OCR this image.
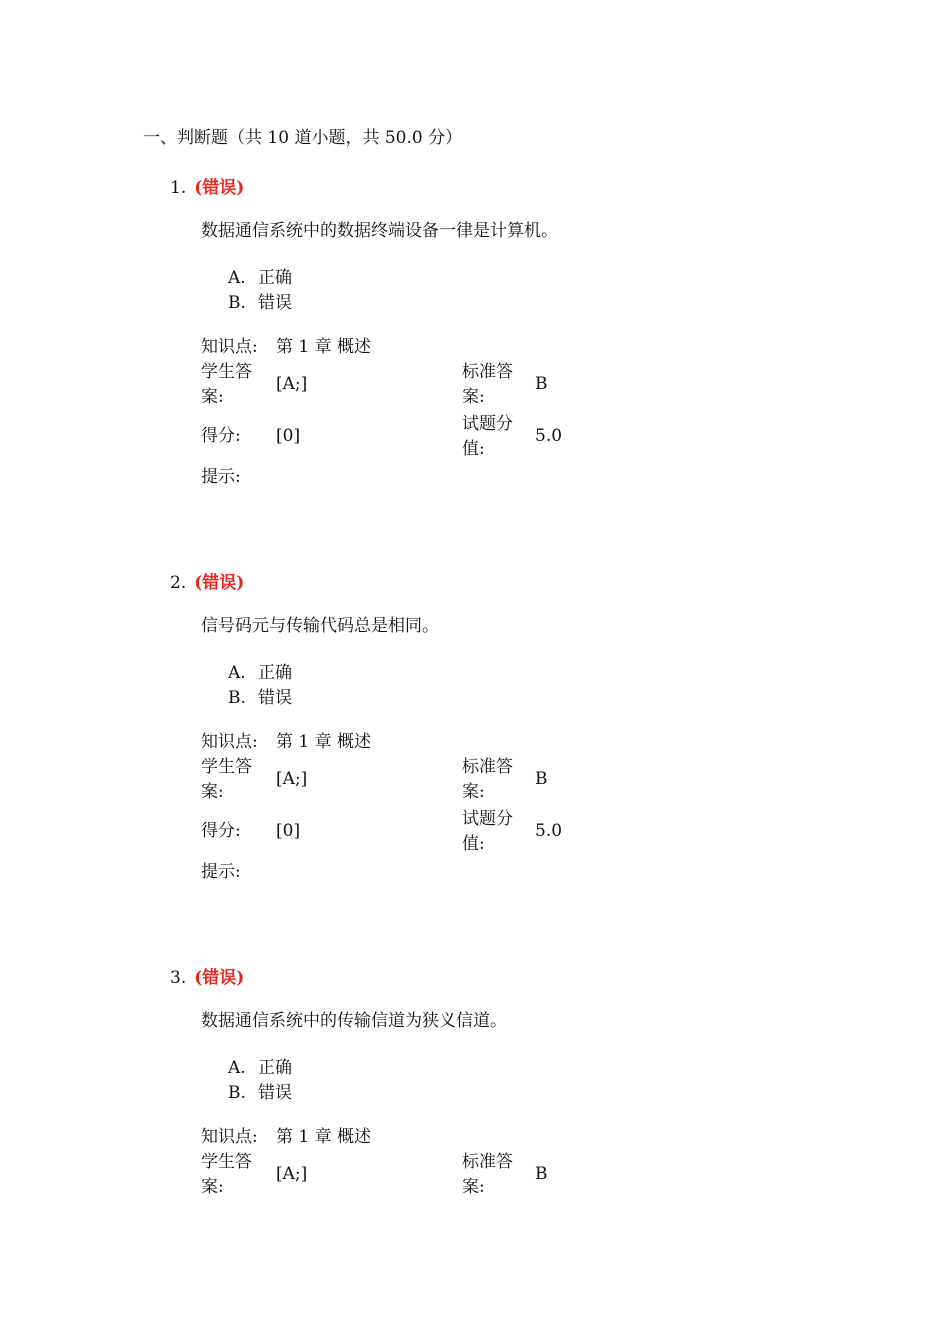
一、判断题（共 10 道小题，共 50.0 分）
1. (错误)
数据通信系统中的数据终端设备一律是计算机。
A. 正确
B. 错误
知识点: 第 1 章 概述
学生答案:
[A;]
标准答案:
B
得分: [0]
试题分值:
5.0
提示:
2. (错误)
信号码元与传输代码总是相同。
A. 正确
B. 错误
知识点: 第 1 章 概述
学生答案:
[A;]
标准答案:
B
得分: [0]
试题分值:
5.0
提示:
3. (错误)
数据通信系统中的传输信道为狭义信道。
A. 正确
B. 错误
知识点: 第 1 章 概述
学生答案:
[A;]
标准答案:
B
